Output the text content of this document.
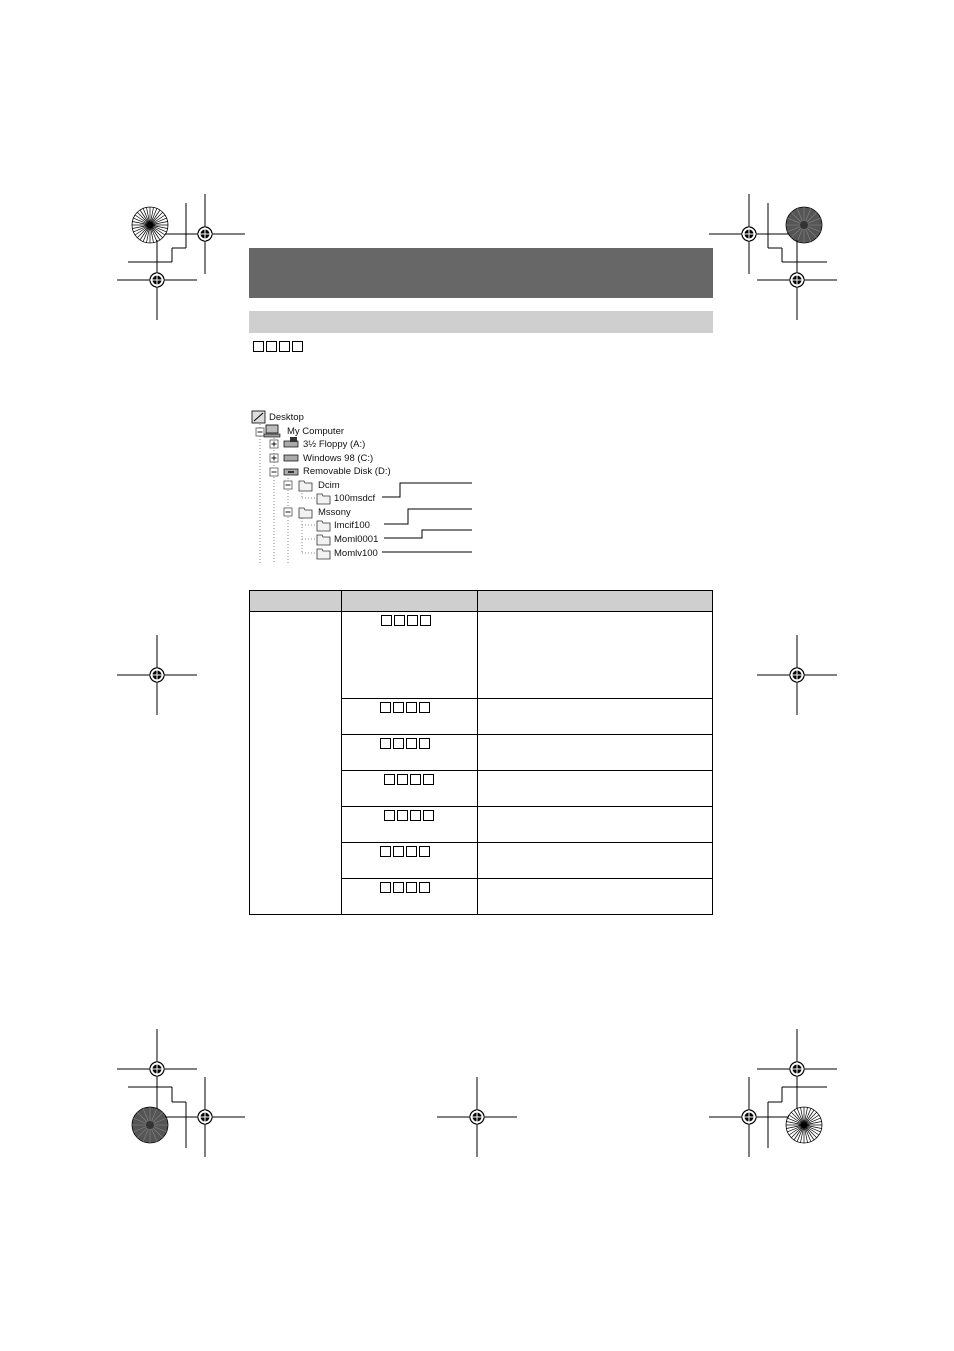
Desktop
My Computer
3½ Floppy (A:)
Windows 98 (C:)
Removable Disk (D:)
Dcim
100msdcf
Mssony
Imcif100
Moml0001
Momlv100
